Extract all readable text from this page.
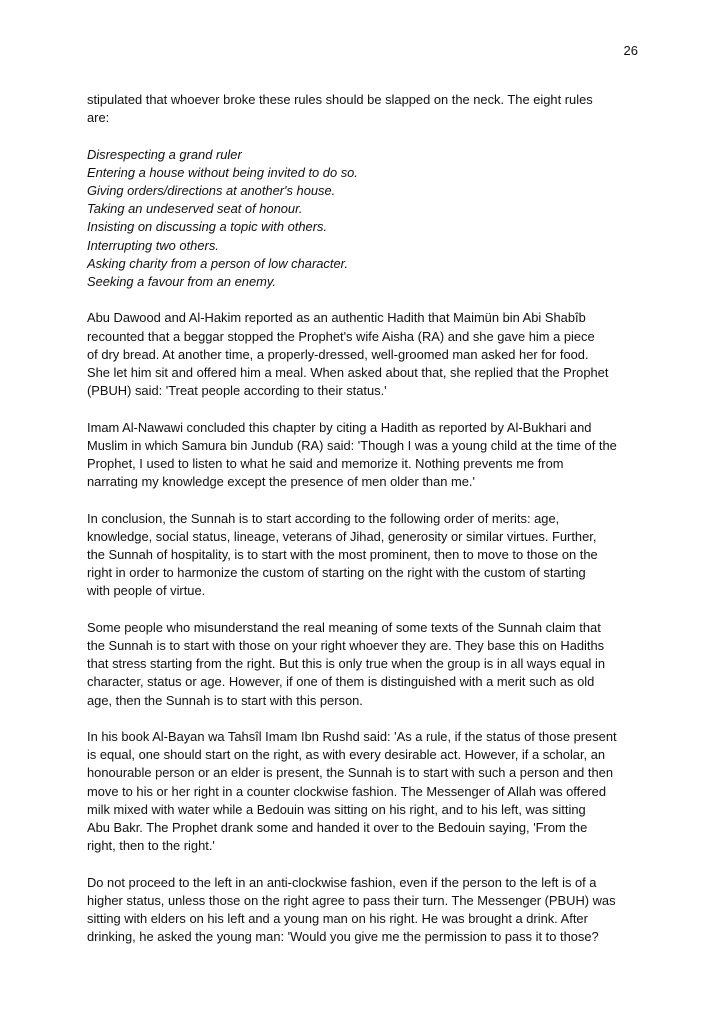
26

stipulated that whoever broke these rules should be slapped on the neck. The eight rules
are:

Disrespecting a grand ruler
Entering a house without being invited to do so.
Giving orders/directions at another's house.
Taking an undeserved seat of honour.
Insisting on discussing a topic with others.
Interrupting two others.
Asking charity from a person of low character.
Seeking a favour from an enemy.

Abu Dawood and Al-Hakim reported as an authentic Hadith that Maimün bin Abi Shabîb
recounted that a beggar stopped the Prophet's wife Aisha (RA) and she gave him a piece
of dry bread. At another time, a properly-dressed, well-groomed man asked her for food.
She let him sit and offered him a meal. When asked about that, she replied that the Prophet
(PBUH) said: 'Treat people according to their status.'

Imam Al-Nawawi concluded this chapter by citing a Hadith as reported by Al-Bukhari and
Muslim in which Samura bin Jundub (RA) said: 'Though I was a young child at the time of the
Prophet, I used to listen to what he said and memorize it. Nothing prevents me from
narrating my knowledge except the presence of men older than me.'

In conclusion, the Sunnah is to start according to the following order of merits: age,
knowledge, social status, lineage, veterans of Jihad, generosity or similar virtues. Further,
the Sunnah of hospitality, is to start with the most prominent, then to move to those on the
right in order to harmonize the custom of starting on the right with the custom of starting
with people of virtue.

Some people who misunderstand the real meaning of some texts of the Sunnah claim that
the Sunnah is to start with those on your right whoever they are. They base this on Hadiths
that stress starting from the right. But this is only true when the group is in all ways equal in
character, status or age. However, if one of them is distinguished with a merit such as old
age, then the Sunnah is to start with this person.

In his book Al-Bayan wa Tahsîl Imam Ibn Rushd said: 'As a rule, if the status of those present
is equal, one should start on the right, as with every desirable act. However, if a scholar, an
honourable person or an elder is present, the Sunnah is to start with such a person and then
move to his or her right in a counter clockwise fashion. The Messenger of Allah was offered
milk mixed with water while a Bedouin was sitting on his right, and to his left, was sitting
Abu Bakr. The Prophet drank some and handed it over to the Bedouin saying, 'From the
right, then to the right.'

Do not proceed to the left in an anti-clockwise fashion, even if the person to the left is of a
higher status, unless those on the right agree to pass their turn. The Messenger (PBUH) was
sitting with elders on his left and a young man on his right. He was brought a drink. After
drinking, he asked the young man: 'Would you give me the permission to pass it to those?
